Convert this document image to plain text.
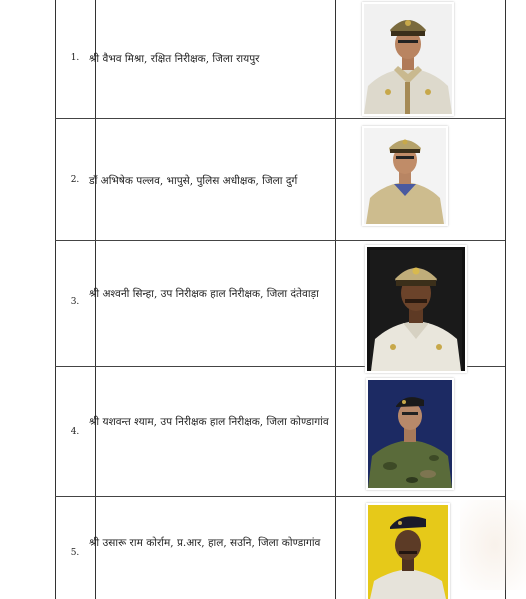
1. श्री वैभव मिश्रा, रक्षित निरीक्षक, जिला रायपुर
2. डॉ अभिषेक पल्लव, भापुसे, पुलिस अधीक्षक, जिला दुर्ग
3.
श्री अश्वनी सिन्हा, उप निरीक्षक हाल निरीक्षक, जिला दंतेवाड़ा
4.
श्री यशवन्त श्याम, उप निरीक्षक हाल निरीक्षक, जिला कोण्डागांव
5.
श्री उसारू राम कोर्राम, प्र.आर, हाल, सउनि, जिला कोण्डागांव
